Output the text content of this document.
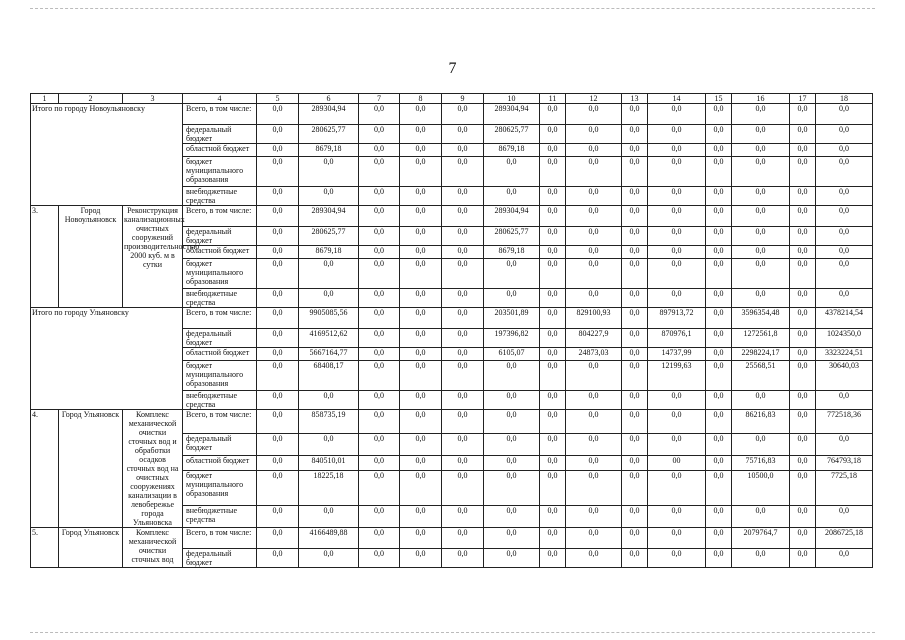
7
1	2	3	4	5	6	7	8	9	10	11	12	13	14	15	16	17	18
Итого по городу Новоульяновску			Всего, в том числе:	0,0	289304,94	0,0	0,0	0,0	289304,94	0,0	0,0	0,0	0,0	0,0	0,0	0,0	0,0
			федеральный бюджет	0,0	280625,77	0,0	0,0	0,0	280625,77	0,0	0,0	0,0	0,0	0,0	0,0	0,0	0,0
			областной бюджет	0,0	8679,18	0,0	0,0	0,0	8679,18	0,0	0,0	0,0	0,0	0,0	0,0	0,0	0,0
			бюджет муниципального образования	0,0	0,0	0,0	0,0	0,0	0,0	0,0	0,0	0,0	0,0	0,0	0,0	0,0	0,0
			внебюджетные средства	0,0	0,0	0,0	0,0	0,0	0,0	0,0	0,0	0,0	0,0	0,0	0,0	0,0	0,0
3.	Город Новоульяновск	Реконструкция канализационных очистных сооружений производительностью 2000 куб. м в сутки	Всего, в том числе:	0,0	289304,94	0,0	0,0	0,0	289304,94	0,0	0,0	0,0	0,0	0,0	0,0	0,0	0,0
			федеральный бюджет	0,0	280625,77	0,0	0,0	0,0	280625,77	0,0	0,0	0,0	0,0	0,0	0,0	0,0	0,0
			областной бюджет	0,0	8679,18	0,0	0,0	0,0	8679,18	0,0	0,0	0,0	0,0	0,0	0,0	0,0	0,0
			бюджет муниципального образования	0,0	0,0	0,0	0,0	0,0	0,0	0,0	0,0	0,0	0,0	0,0	0,0	0,0	0,0
			внебюджетные средства	0,0	0,0	0,0	0,0	0,0	0,0	0,0	0,0	0,0	0,0	0,0	0,0	0,0	0,0
Итого по городу Ульяновску			Всего, в том числе:	0,0	9905085,56	0,0	0,0	0,0	203501,89	0,0	829100,93	0,0	897913,72	0,0	3596354,48	0,0	4378214,54
			федеральный бюджет	0,0	4169512,62	0,0	0,0	0,0	197396,82	0,0	804227,9	0,0	870976,1	0,0	1272561,8	0,0	1024350,0
			областной бюджет	0,0	5667164,77	0,0	0,0	0,0	6105,07	0,0	24873,03	0,0	14737,99	0,0	2298224,17	0,0	3323224,51
			бюджет муниципального образования	0,0	68408,17	0,0	0,0	0,0	0,0	0,0	0,0	0,0	12199,63	0,0	25568,51	0,0	30640,03
			внебюджетные средства	0,0	0,0	0,0	0,0	0,0	0,0	0,0	0,0	0,0	0,0	0,0	0,0	0,0	0,0
4.	Город Ульяновск	Комплекс механической очистки сточных вод и обработки осадков сточных вод на очистных сооружениях канализации в левобережье города Ульяновска	Всего, в том числе:	0,0	858735,19	0,0	0,0	0,0	0,0	0,0	0,0	0,0	0,0	0,0	86216,83	0,0	772518,36
			федеральный бюджет	0,0	0,0	0,0	0,0	0,0	0,0	0,0	0,0	0,0	0,0	0,0	0,0	0,0	0,0
			областной бюджет	0,0	840510,01	0,0	0,0	0,0	0,0	0,0	0,0	0,0	00	0,0	75716,83	0,0	764793,18
			бюджет муниципального образования	0,0	18225,18	0,0	0,0	0,0	0,0	0,0	0,0	0,0	0,0	0,0	10500,0	0,0	7725,18
			внебюджетные средства	0,0	0,0	0,0	0,0	0,0	0,0	0,0	0,0	0,0	0,0	0,0	0,0	0,0	0,0
5.	Город Ульяновск	Комплекс механической очистки сточных вод	Всего, в том числе:	0,0	4166489,88	0,0	0,0	0,0	0,0	0,0	0,0	0,0	0,0	0,0	2079764,7	0,0	2086725,18
			федеральный бюджет	0,0	0,0	0,0	0,0	0,0	0,0	0,0	0,0	0,0	0,0	0,0	0,0	0,0	0,0
